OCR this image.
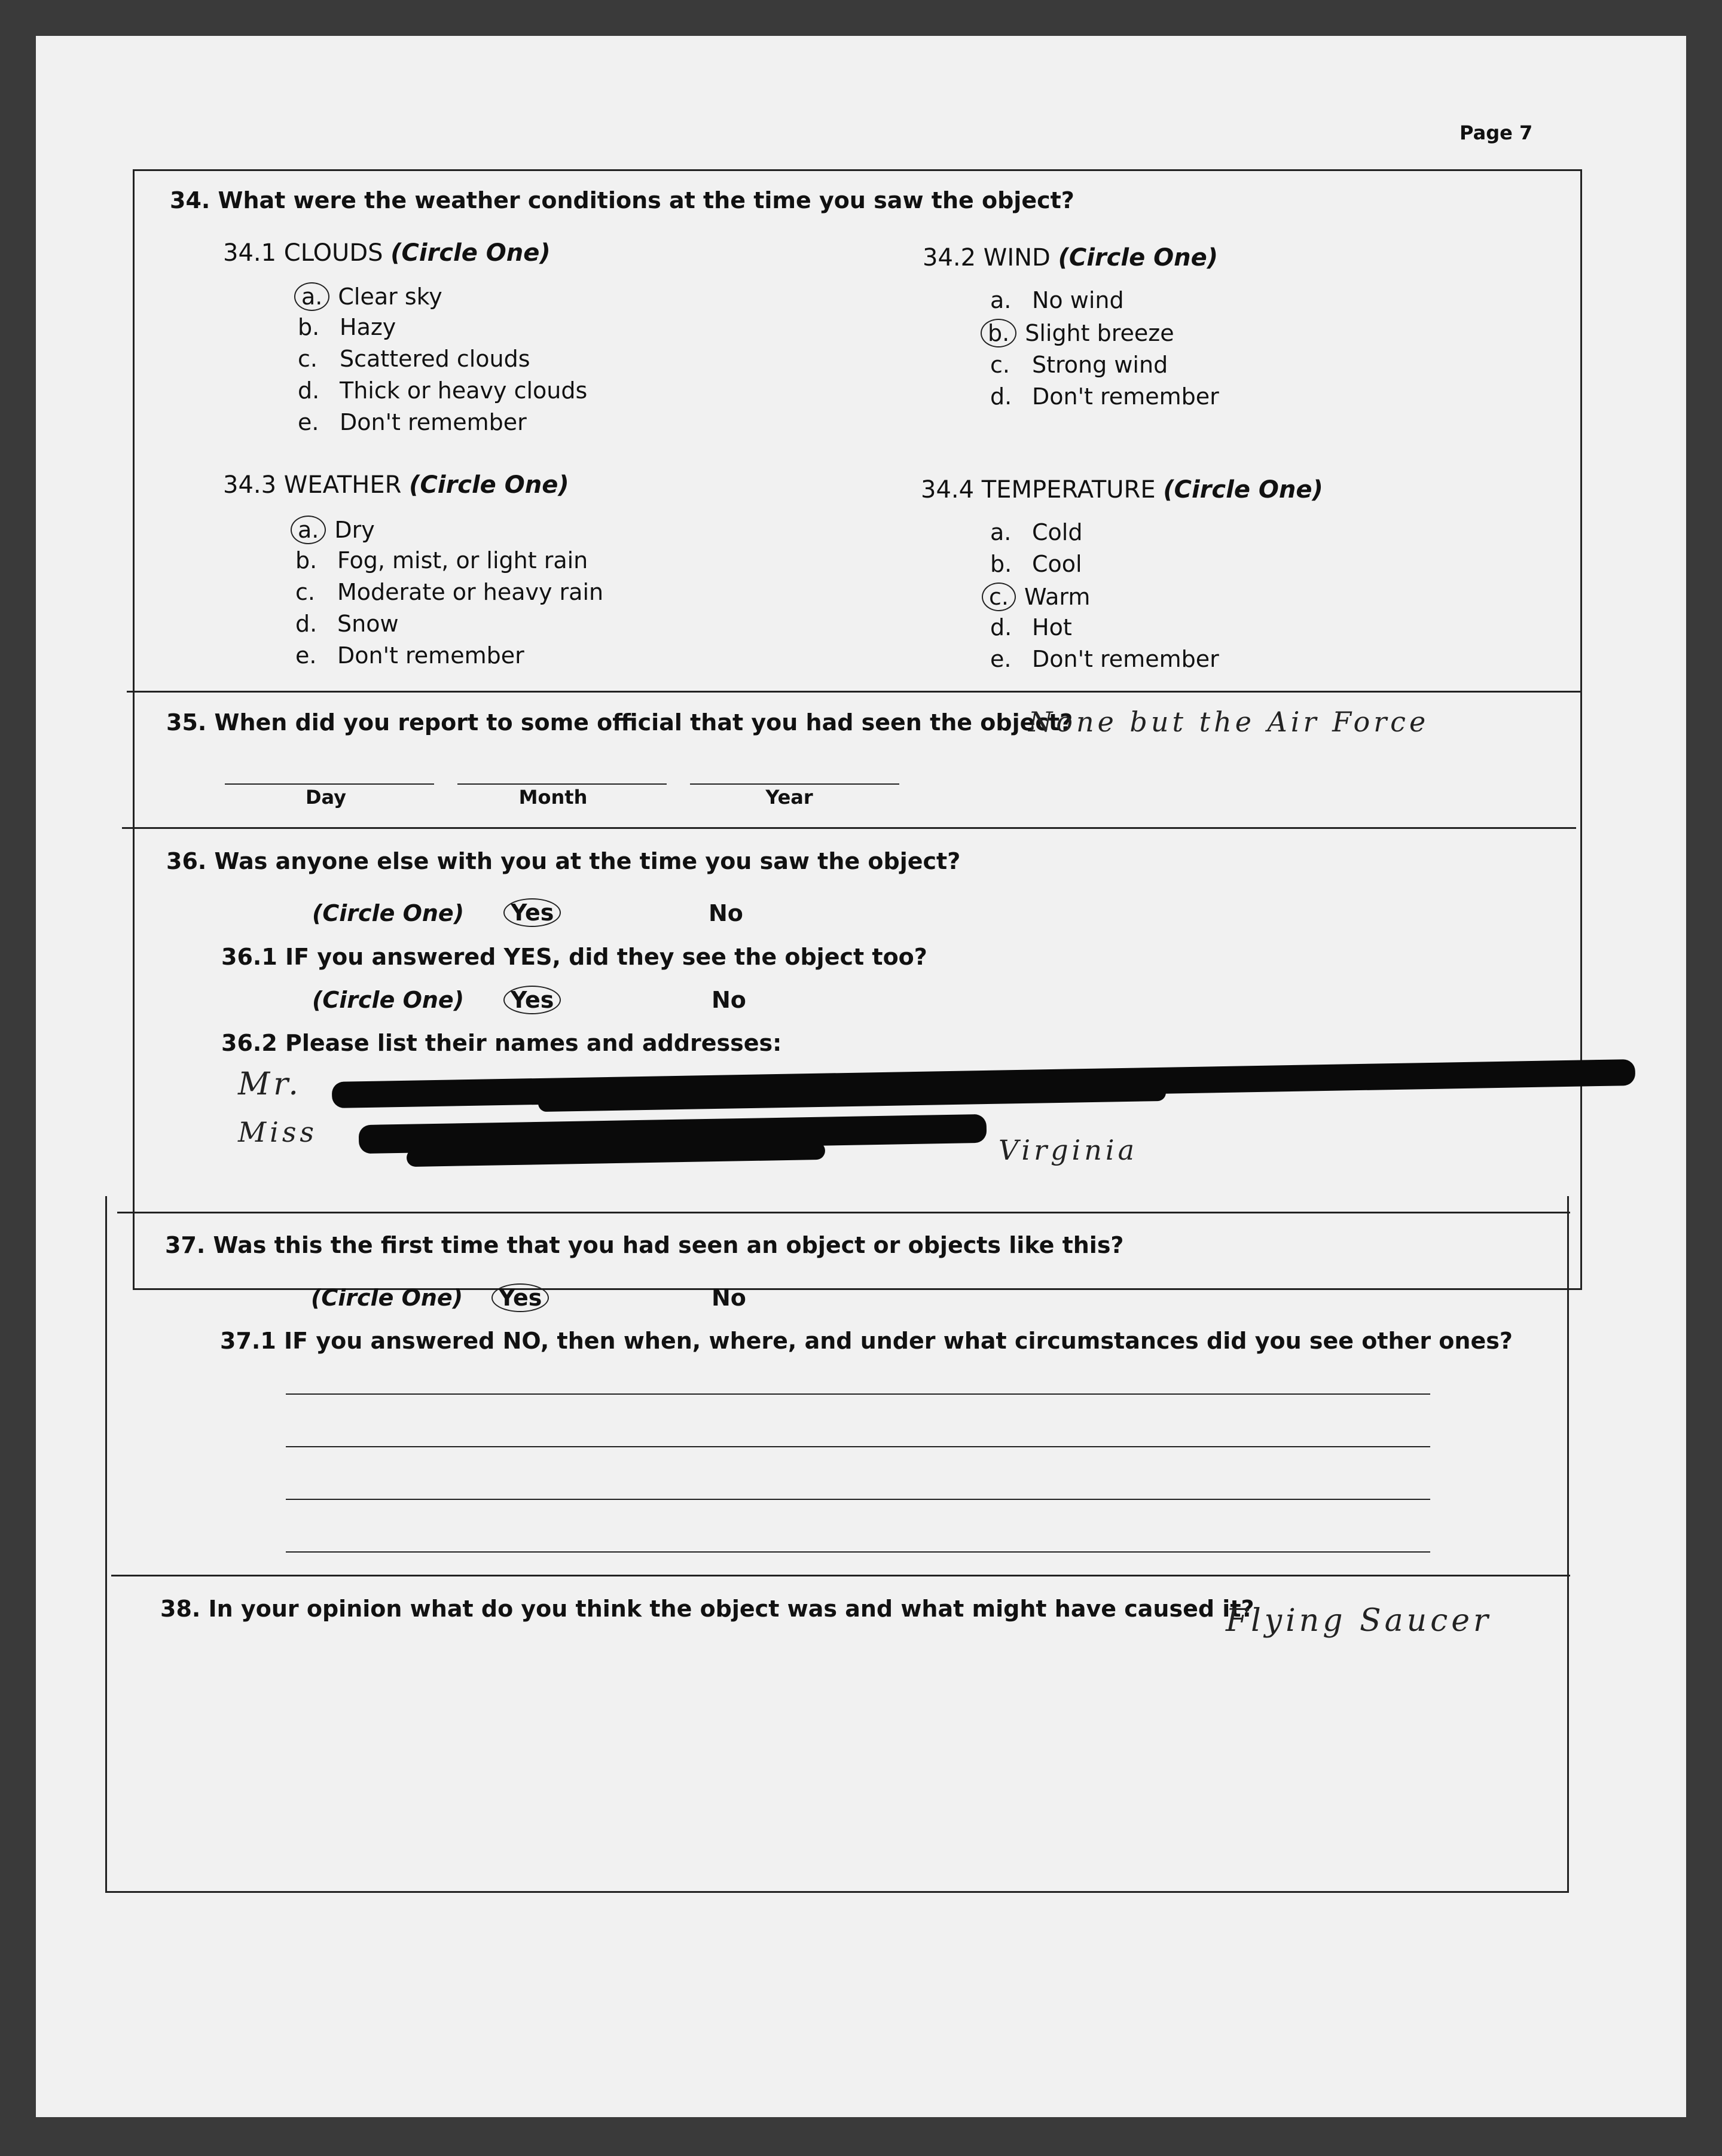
Page 7
34. What were the weather conditions at the time you saw the object?
34.1 CLOUDS (Circle One)
a. Clear sky
b. Hazy
c. Scattered clouds
d. Thick or heavy clouds
e. Don't remember
34.2 WIND (Circle One)
a. No wind
b. Slight breeze
c. Strong wind
d. Don't remember
34.3 WEATHER (Circle One)
a. Dry
b. Fog, mist, or light rain
c. Moderate or heavy rain
d. Snow
e. Don't remember
34.4 TEMPERATURE (Circle One)
a. Cold
b. Cool
c. Warm
d. Hot
e. Don't remember
35. When did you report to some official that you had seen the object?
None but the Air Force
Day	Month	Year
36. Was anyone else with you at the time you saw the object?
(Circle One)	Yes	No
36.1 IF you answered YES, did they see the object too?
(Circle One)	Yes	No
36.2 Please list their names and addresses:
Mr.
Miss
Virginia
37. Was this the first time that you had seen an object or objects like this?
(Circle One)	Yes	No
37.1 IF you answered NO, then when, where, and under what circumstances did you see other ones?
38. In your opinion what do you think the object was and what might have caused it?
Flying Saucer
